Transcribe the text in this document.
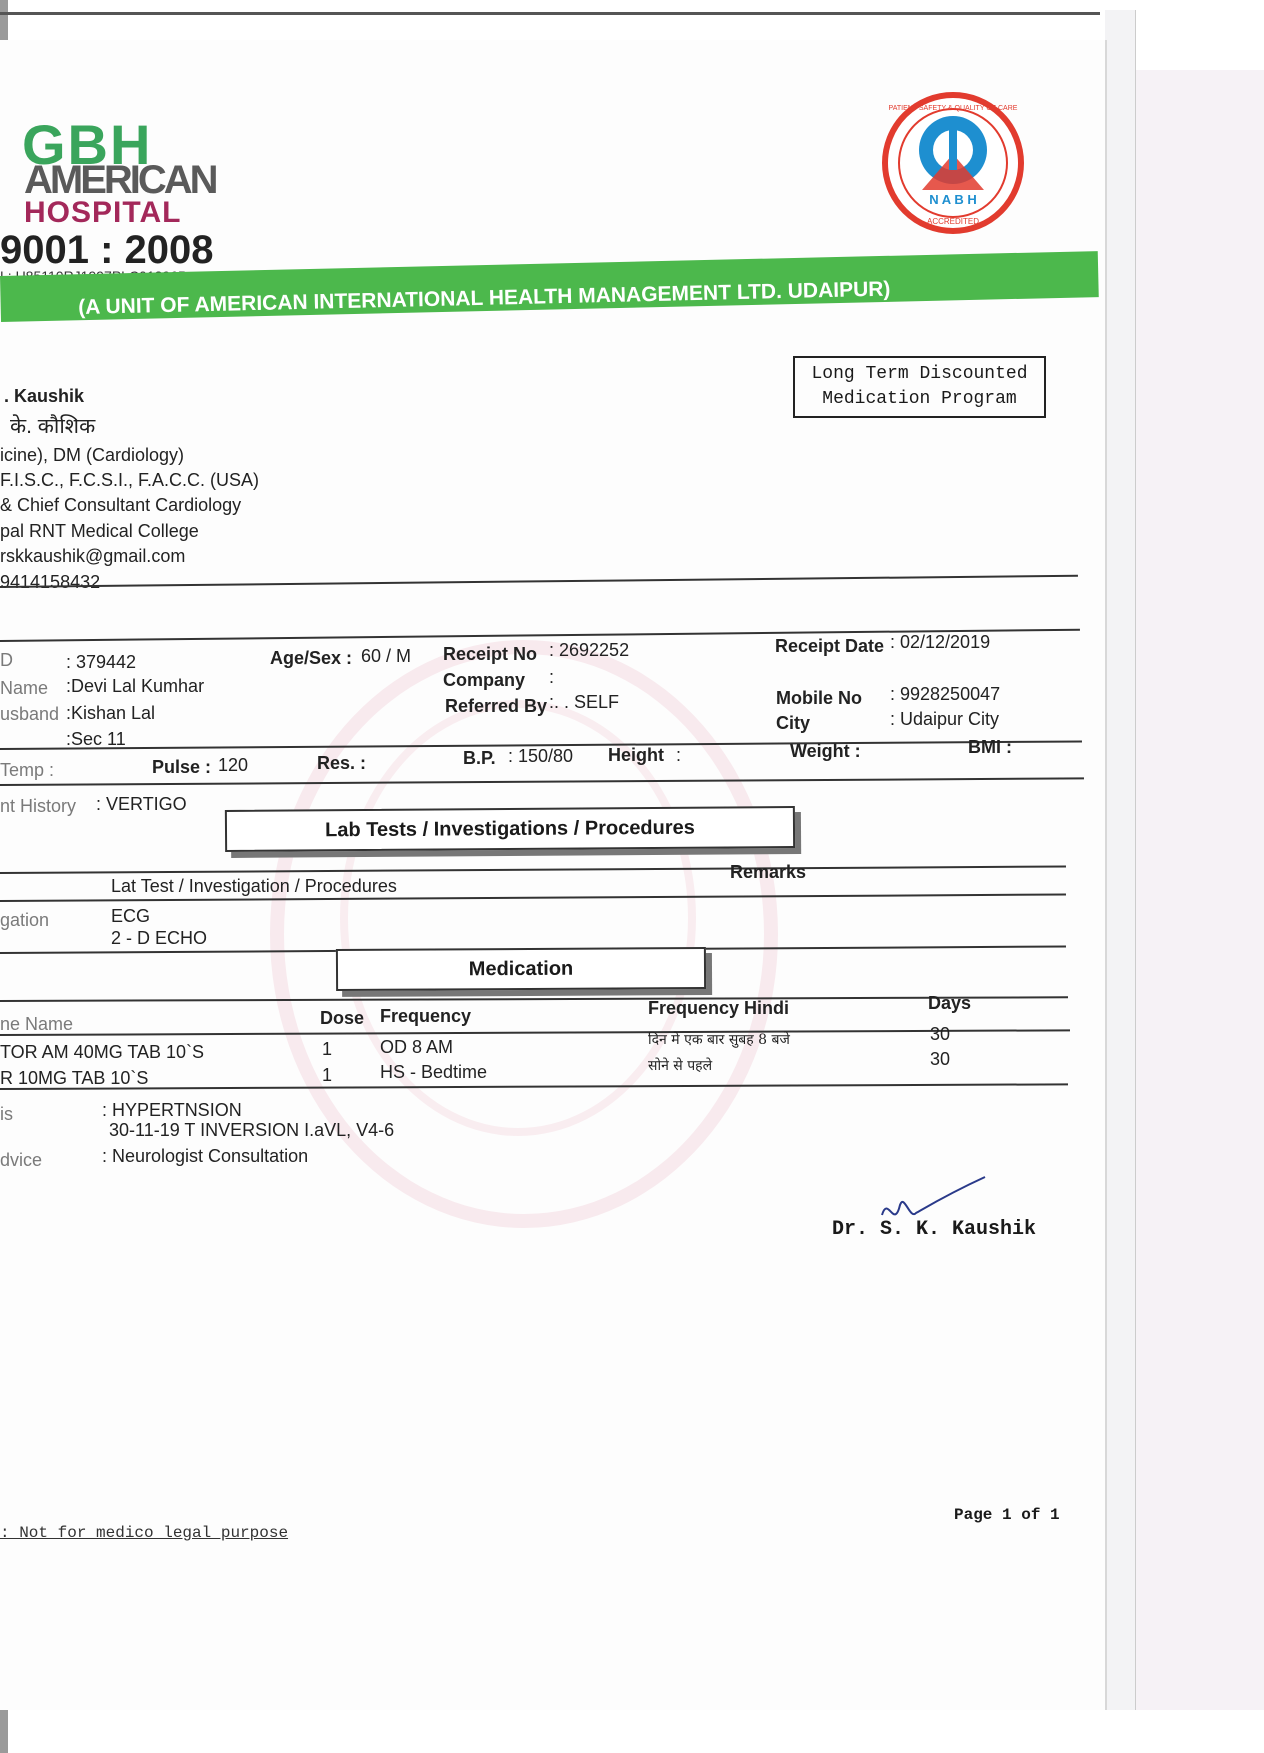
GBH
AMERICAN
HOSPITAL
9001 : 2008
(A UNIT OF AMERICAN INTERNATIONAL HEALTH MANAGEMENT LTD. UDAIPUR)
N A B H
ACCREDITED
PATIENT SAFETY & QUALITY OF CARE
Long Term Discounted
Medication Program
. Kaushik
के. कौशिक
icine), DM (Cardiology)
F.I.S.C., F.C.S.I., F.A.C.C. (USA)
& Chief Consultant Cardiology
pal RNT Medical College
rskkaushik@gmail.com
9414158432
D	: 379442
Name :Devi Lal Kumhar
usband :Kishan Lal
:Sec 11
Age/Sex : 60 / M Receipt No : 2692252
Company :
Referred By :. . SELF
Receipt Date : 02/12/2019
Mobile No : 9928250047
City	: Udaipur City
Temp :	Pulse : 120	Res. :	B.P. : 150/80 Height :	Weight :	BMI :
nt History : VERTIGO
Lab Tests / Investigations / Procedures
Lat Test / Investigation / Procedures
Remarks
gation	ECG
2 - D ECHO
Medication
ne Name	Dose Frequency	Frequency Hindi	Days
TOR AM 40MG TAB 10`S	1	OD 8 AM	दिन मे एक बार सुबह 8 बजे	30
R 10MG TAB 10`S	1	HS - Bedtime	सोने से पहले	30
is	: HYPERTNSION
30-11-19 T INVERSION I.aVL, V4-6
dvice	: Neurologist Consultation
Dr. S. K. Kaushik
: Not for medico legal purpose
Page 1 of 1
